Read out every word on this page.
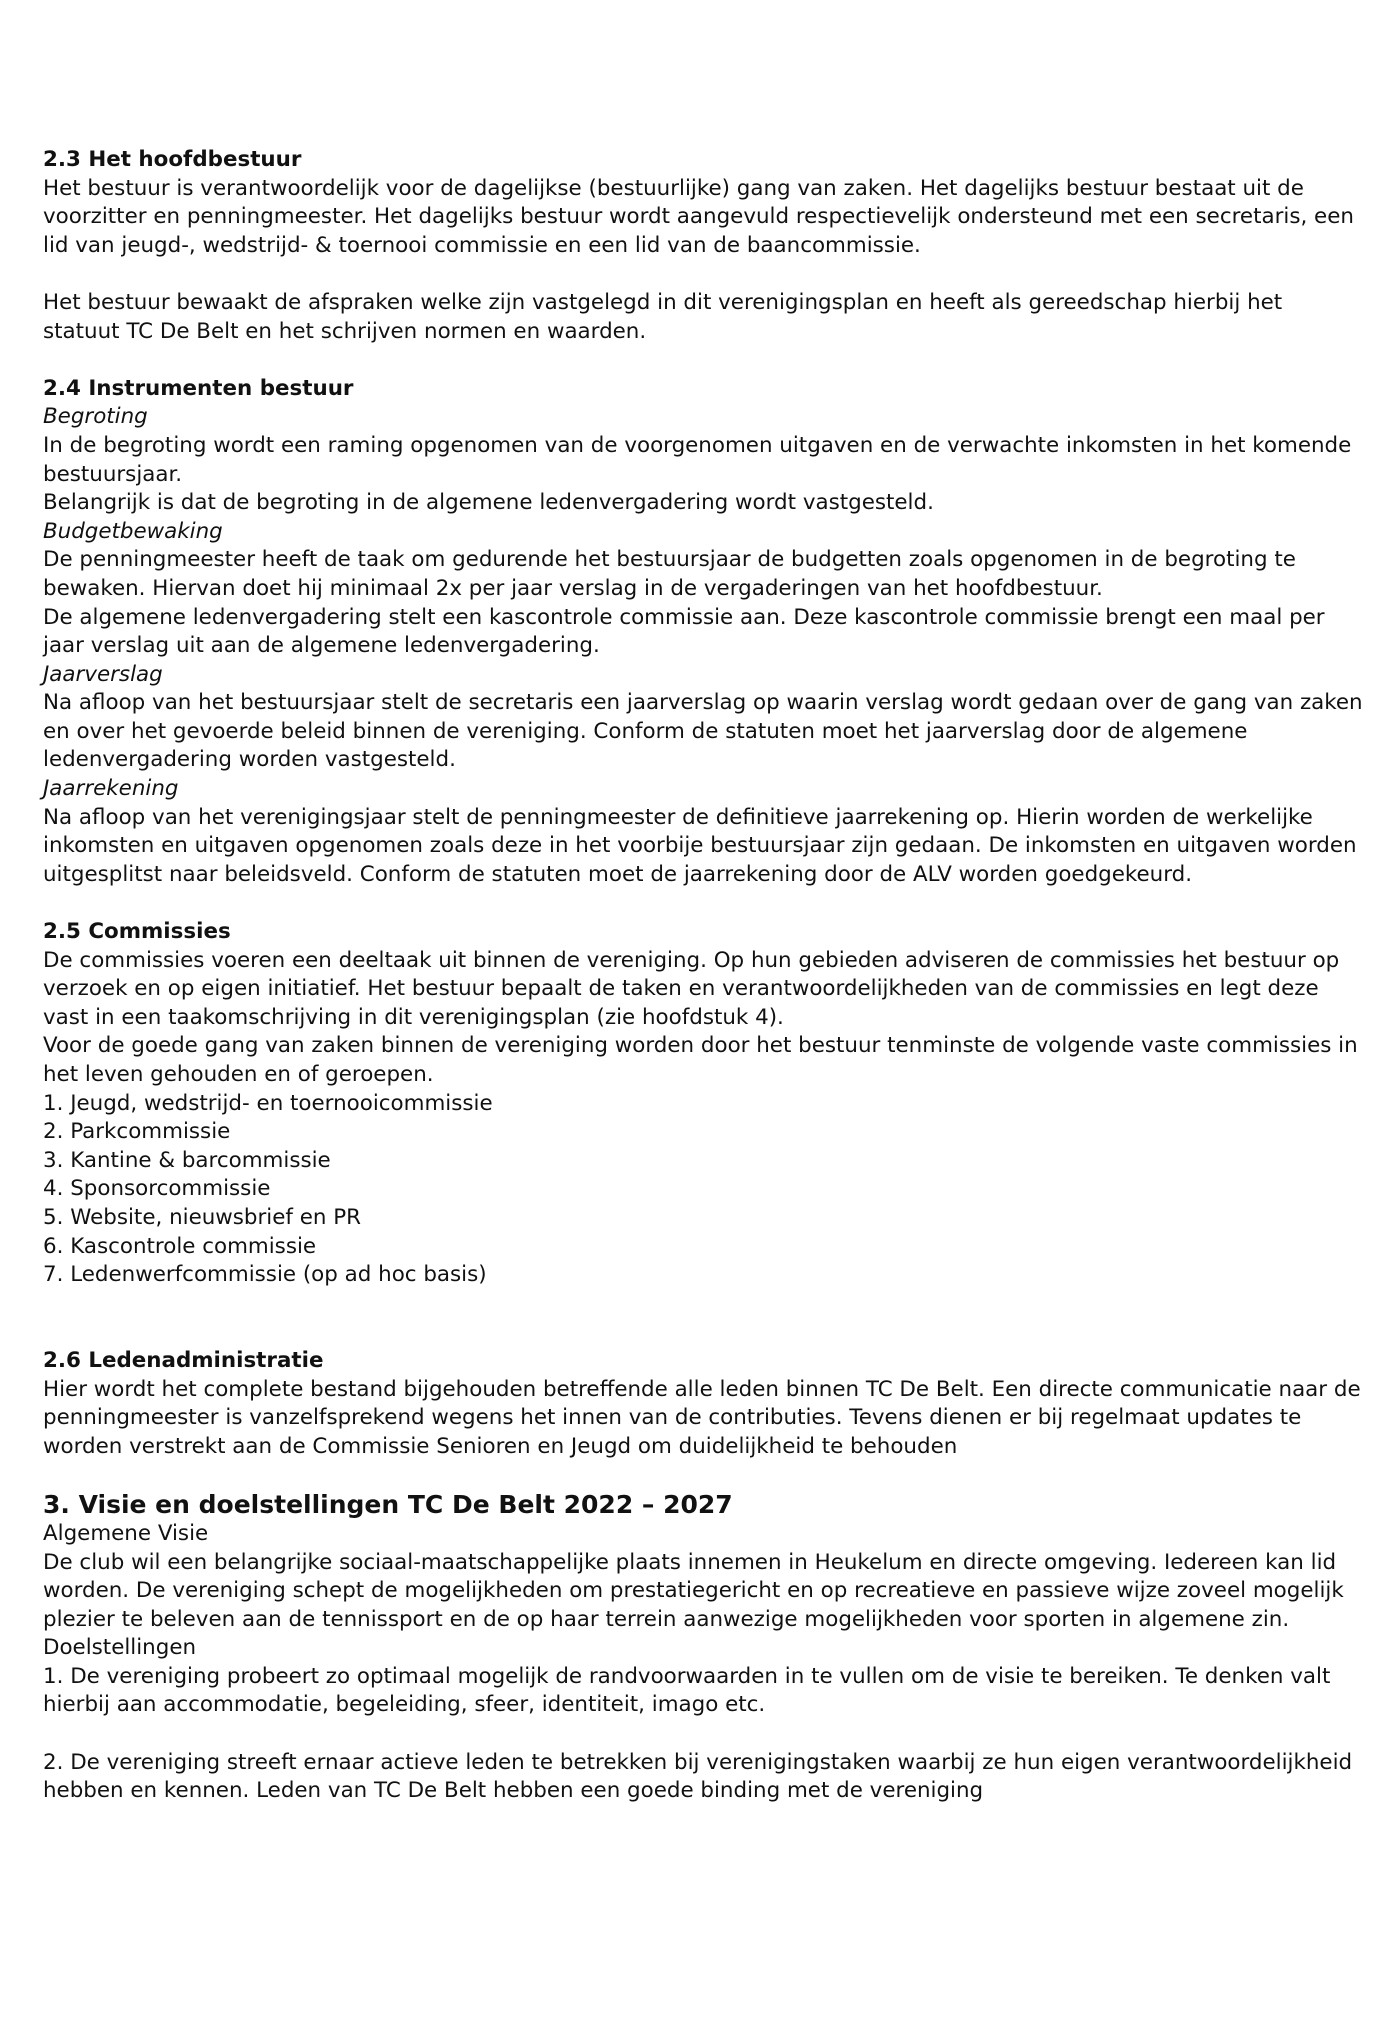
2.3 Het hoofdbestuur

Het bestuur is verantwoordelijk voor de dagelijkse (bestuurlijke) gang van zaken. Het dagelijks bestuur bestaat uit de voorzitter en penningmeester. Het dagelijks bestuur wordt aangevuld respectievelijk ondersteund met een secretaris, een lid van jeugd-, wedstrijd- & toernooi commissie en een lid van de baancommissie.

Het bestuur bewaakt de afspraken welke zijn vastgelegd in dit verenigingsplan en heeft als gereedschap hierbij het statuut TC De Belt en het schrijven normen en waarden.

2.4 Instrumenten bestuur

Begroting

In de begroting wordt een raming opgenomen van de voorgenomen uitgaven en de verwachte inkomsten in het komende bestuursjaar.

Belangrijk is dat de begroting in de algemene ledenvergadering wordt vastgesteld.

Budgetbewaking

De penningmeester heeft de taak om gedurende het bestuursjaar de budgetten zoals opgenomen in de begroting te bewaken. Hiervan doet hij minimaal 2x per jaar verslag in de vergaderingen van het hoofdbestuur.

De algemene ledenvergadering stelt een kascontrole commissie aan. Deze kascontrole commissie brengt een maal per jaar verslag uit aan de algemene ledenvergadering.

Jaarverslag

Na afloop van het bestuursjaar stelt de secretaris een jaarverslag op waarin verslag wordt gedaan over de gang van zaken en over het gevoerde beleid binnen de vereniging. Conform de statuten moet het jaarverslag door de algemene ledenvergadering worden vastgesteld.

Jaarrekening

Na afloop van het verenigingsjaar stelt de penningmeester de definitieve jaarrekening op. Hierin worden de werkelijke inkomsten en uitgaven opgenomen zoals deze in het voorbije bestuursjaar zijn gedaan. De inkomsten en uitgaven worden uitgesplitst naar beleidsveld. Conform de statuten moet de jaarrekening door de ALV worden goedgekeurd.

2.5 Commissies

De commissies voeren een deeltaak uit binnen de vereniging. Op hun gebieden adviseren de commissies het bestuur op verzoek en op eigen initiatief. Het bestuur bepaalt de taken en verantwoordelijkheden van de commissies en legt deze vast in een taakomschrijving in dit verenigingsplan (zie hoofdstuk 4).

Voor de goede gang van zaken binnen de vereniging worden door het bestuur tenminste de volgende vaste commissies in het leven gehouden en of geroepen.

1. Jeugd, wedstrijd- en toernooicommissie
2. Parkcommissie
3. Kantine & barcommissie
4. Sponsorcommissie
5. Website, nieuwsbrief en PR
6. Kascontrole commissie
7. Ledenwerfcommissie (op ad hoc basis)

2.6 Ledenadministratie

Hier wordt het complete bestand bijgehouden betreffende alle leden binnen TC De Belt. Een directe communicatie naar de penningmeester is vanzelfsprekend wegens het innen van de contributies. Tevens dienen er bij regelmaat updates te worden verstrekt aan de Commissie Senioren en Jeugd om duidelijkheid te behouden

3. Visie en doelstellingen TC De Belt 2022 – 2027

Algemene Visie

De club wil een belangrijke sociaal-maatschappelijke plaats innemen in Heukelum en directe omgeving. Iedereen kan lid worden. De vereniging schept de mogelijkheden om prestatiegericht en op recreatieve en passieve wijze zoveel mogelijk plezier te beleven aan de tennissport en de op haar terrein aanwezige mogelijkheden voor sporten in algemene zin.

Doelstellingen

1. De vereniging probeert zo optimaal mogelijk de randvoorwaarden in te vullen om de visie te bereiken. Te denken valt hierbij aan accommodatie, begeleiding, sfeer, identiteit, imago etc.

2. De vereniging streeft ernaar actieve leden te betrekken bij verenigingstaken waarbij ze hun eigen verantwoordelijkheid hebben en kennen. Leden van TC De Belt hebben een goede binding met de vereniging
